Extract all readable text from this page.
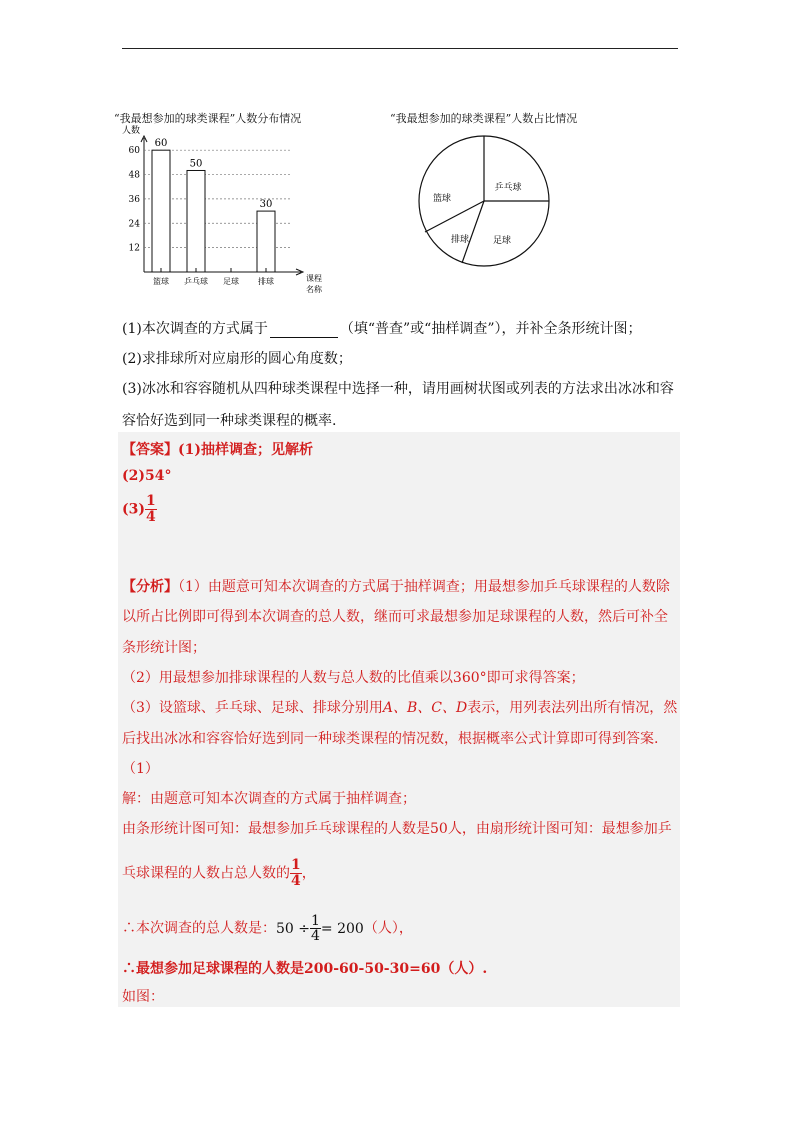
“我最想参加的球类课程”人数分布情况
人数
12
24
36
48
60
60
50
30
篮球 乒乓球 足球 排球	课程
名称
“我最想参加的球类课程”人数占比情况
篮球
乒乓球
足球
排球
(1)本次调查的方式属于	（填“普查”或“抽样调查”），并补全条形统计图；
(2)求排球所对应扇形的圆心角度数；
(3)冰冰和容容随机从四种球类课程中选择一种，请用画树状图或列表的方法求出冰冰和容
容恰好选到同一种球类课程的概率.
【答案】(1)抽样调查；见解析
(2)54°
$(3) \frac{1}{4}$
【分析】（1）由题意可知本次调查的方式属于抽样调查；用最想参加乒乓球课程的人数除
以所占比例即可得到本次调查的总人数，继而可求最想参加足球课程的人数，然后可补全
条形统计图；
（2）用最想参加排球课程的人数与总人数的比值乘以360°即可求得答案；
（3）设篮球、乒乓球、足球、排球分别用A、B、C、D表示，用列表法列出所有情况，然
后找出冰冰和容容恰好选到同一种球类课程的情况数，根据概率公式计算即可得到答案.
（1）
解：由题意可知本次调查的方式属于抽样调查；
由条形统计图可知：最想参加乒乓球课程的人数是50人，由扇形统计图可知：最想参加乒
乓球课程的人数占总人数的 $\frac{1}{4}$ ，
∴本次调查的总人数是：$50 \div \frac{1}{4}= 200$（人），
∴最想参加足球课程的人数是200-60-50-30=60（人）.
如图：
